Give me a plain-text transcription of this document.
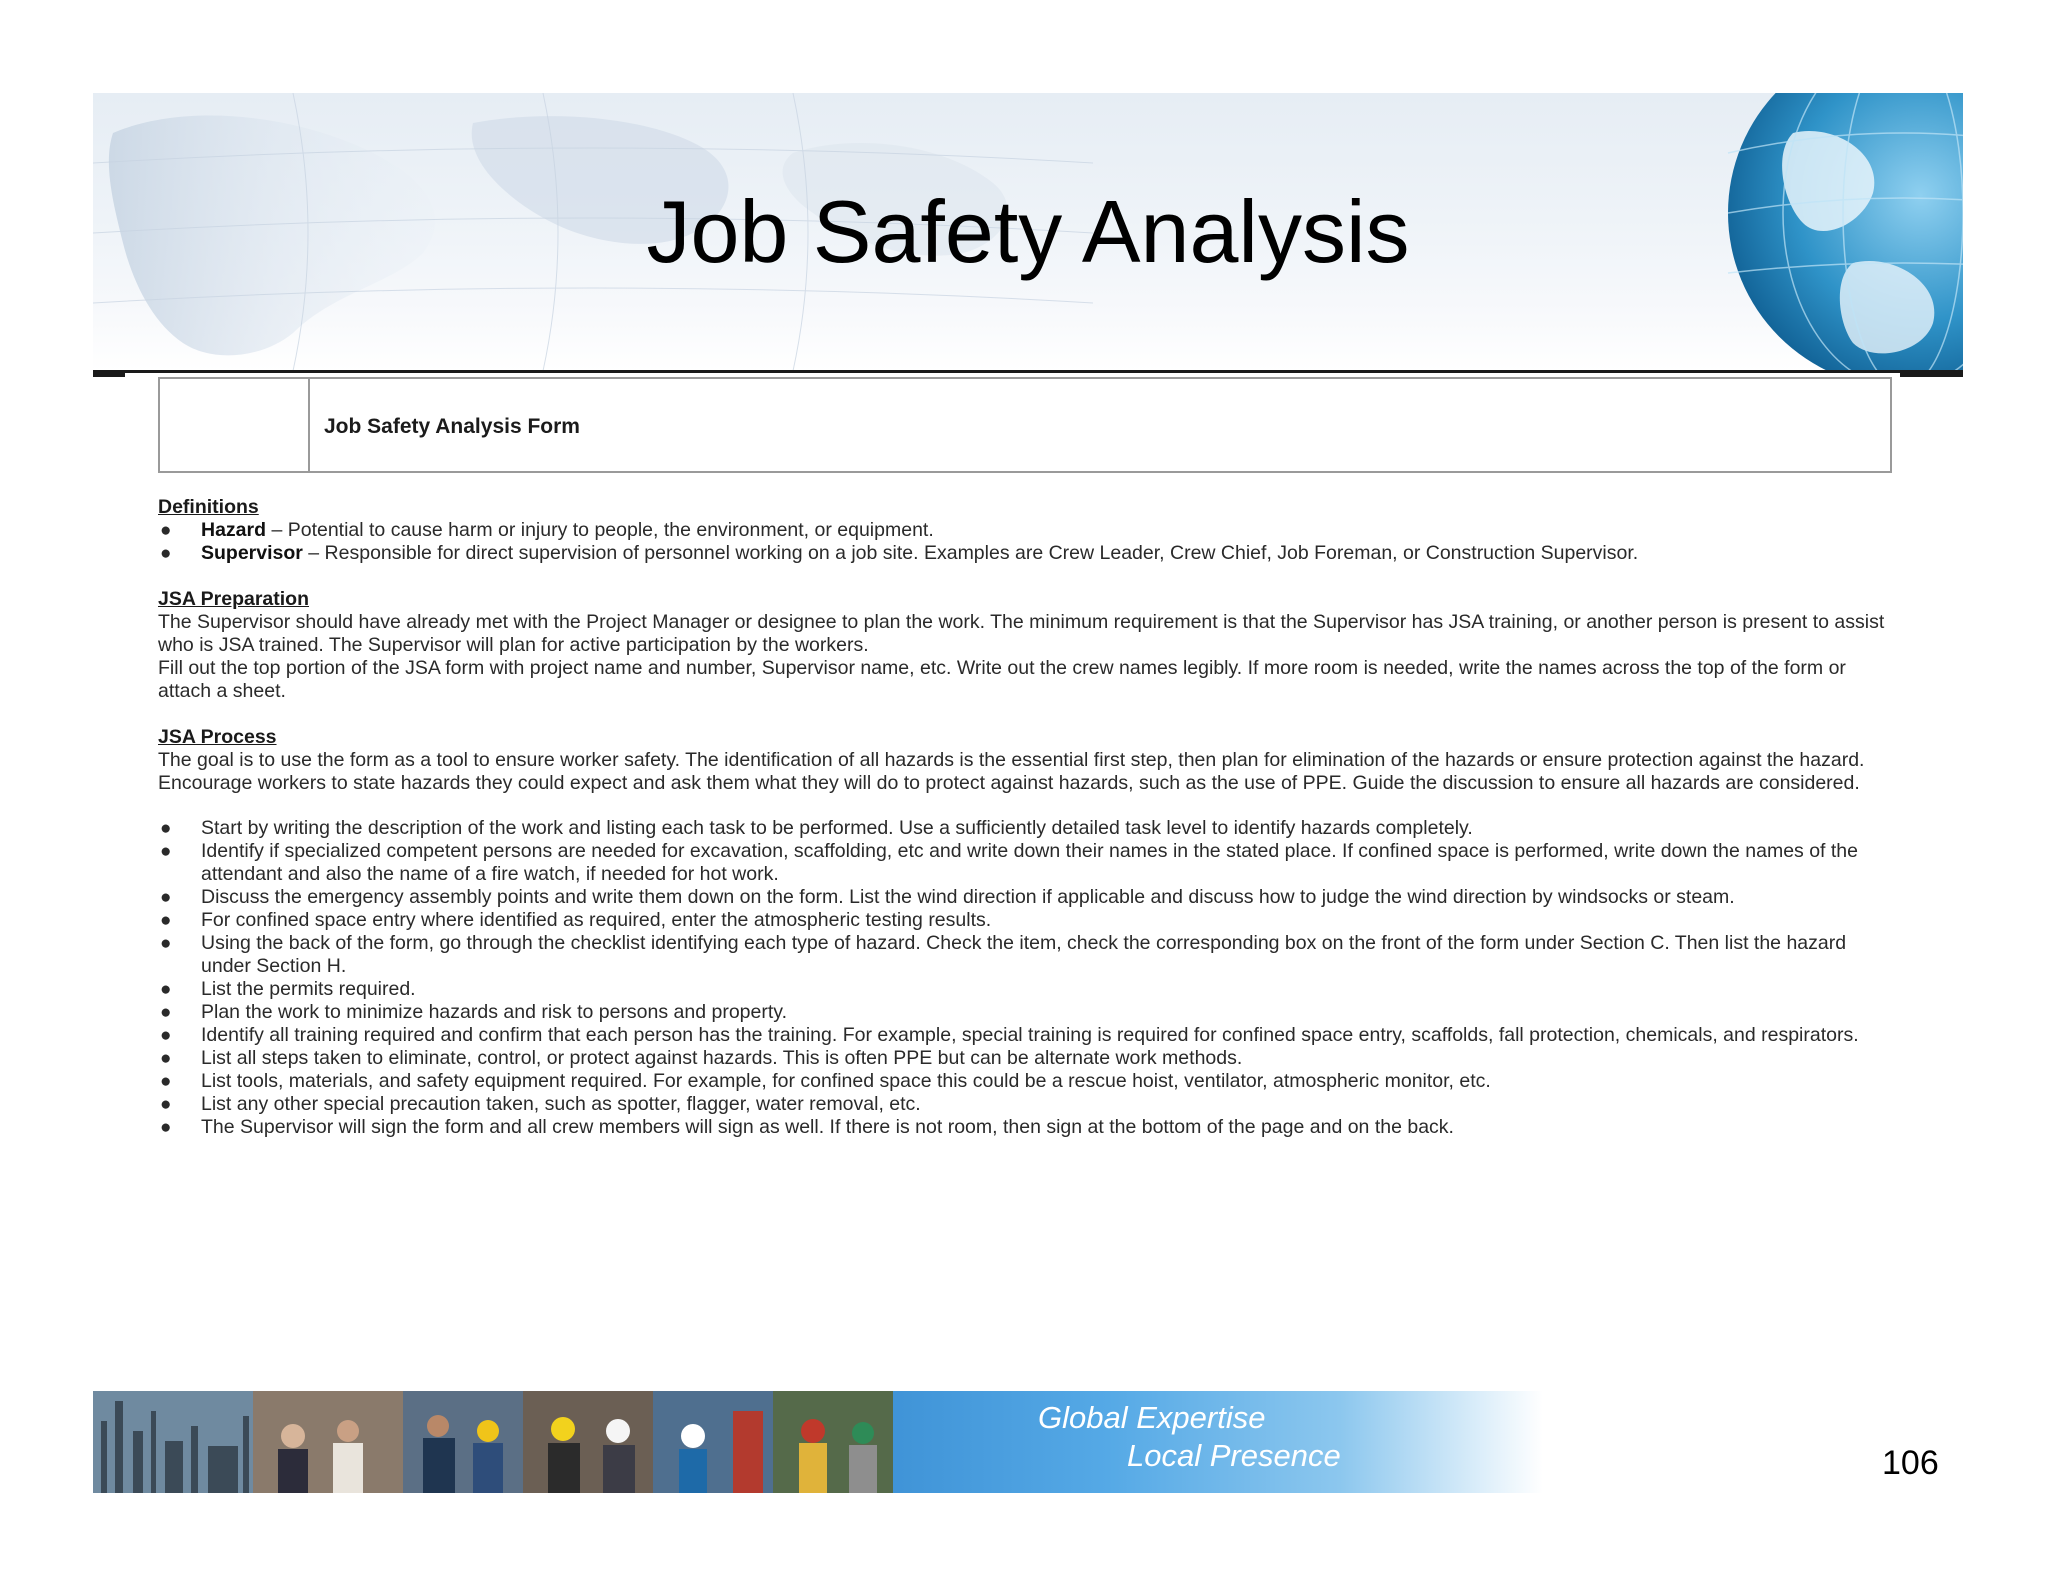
Job Safety Analysis
Job Safety Analysis Form
Definitions
● Hazard – Potential to cause harm or injury to people, the environment, or equipment.
● Supervisor – Responsible for direct supervision of personnel working on a job site. Examples are Crew Leader, Crew Chief, Job Foreman, or Construction Supervisor.
JSA Preparation

The Supervisor should have already met with the Project Manager or designee to plan the work. The minimum requirement is that the Supervisor has JSA training, or another person is present to assist who is JSA trained. The Supervisor will plan for active participation by the workers.

Fill out the top portion of the JSA form with project name and number, Supervisor name, etc. Write out the crew names legibly. If more room is needed, write the names across the top of the form or attach a sheet.

JSA Process

The goal is to use the form as a tool to ensure worker safety. The identification of all hazards is the essential first step, then plan for elimination of the hazards or ensure protection against the hazard. Encourage workers to state hazards they could expect and ask them what they will do to protect against hazards, such as the use of PPE. Guide the discussion to ensure all hazards are considered.

● Start by writing the description of the work and listing each task to be performed. Use a sufficiently detailed task level to identify hazards completely.
● Identify if specialized competent persons are needed for excavation, scaffolding, etc and write down their names in the stated place. If confined space is performed, write down the names of the attendant and also the name of a fire watch, if needed for hot work.
● Discuss the emergency assembly points and write them down on the form. List the wind direction if applicable and discuss how to judge the wind direction by windsocks or steam.
● For confined space entry where identified as required, enter the atmospheric testing results.
● Using the back of the form, go through the checklist identifying each type of hazard. Check the item, check the corresponding box on the front of the form under Section C. Then list the hazard under Section H.
● List the permits required.
● Plan the work to minimize hazards and risk to persons and property.
● Identify all training required and confirm that each person has the training. For example, special training is required for confined space entry, scaffolds, fall protection, chemicals, and respirators.
● List all steps taken to eliminate, control, or protect against hazards. This is often PPE but can be alternate work methods.
● List tools, materials, and safety equipment required. For example, for confined space this could be a rescue hoist, ventilator, atmospheric monitor, etc.
● List any other special precaution taken, such as spotter, flagger, water removal, etc.
● The Supervisor will sign the form and all crew members will sign as well. If there is not room, then sign at the bottom of the page and on the back.
Global Expertise
Local Presence	106
